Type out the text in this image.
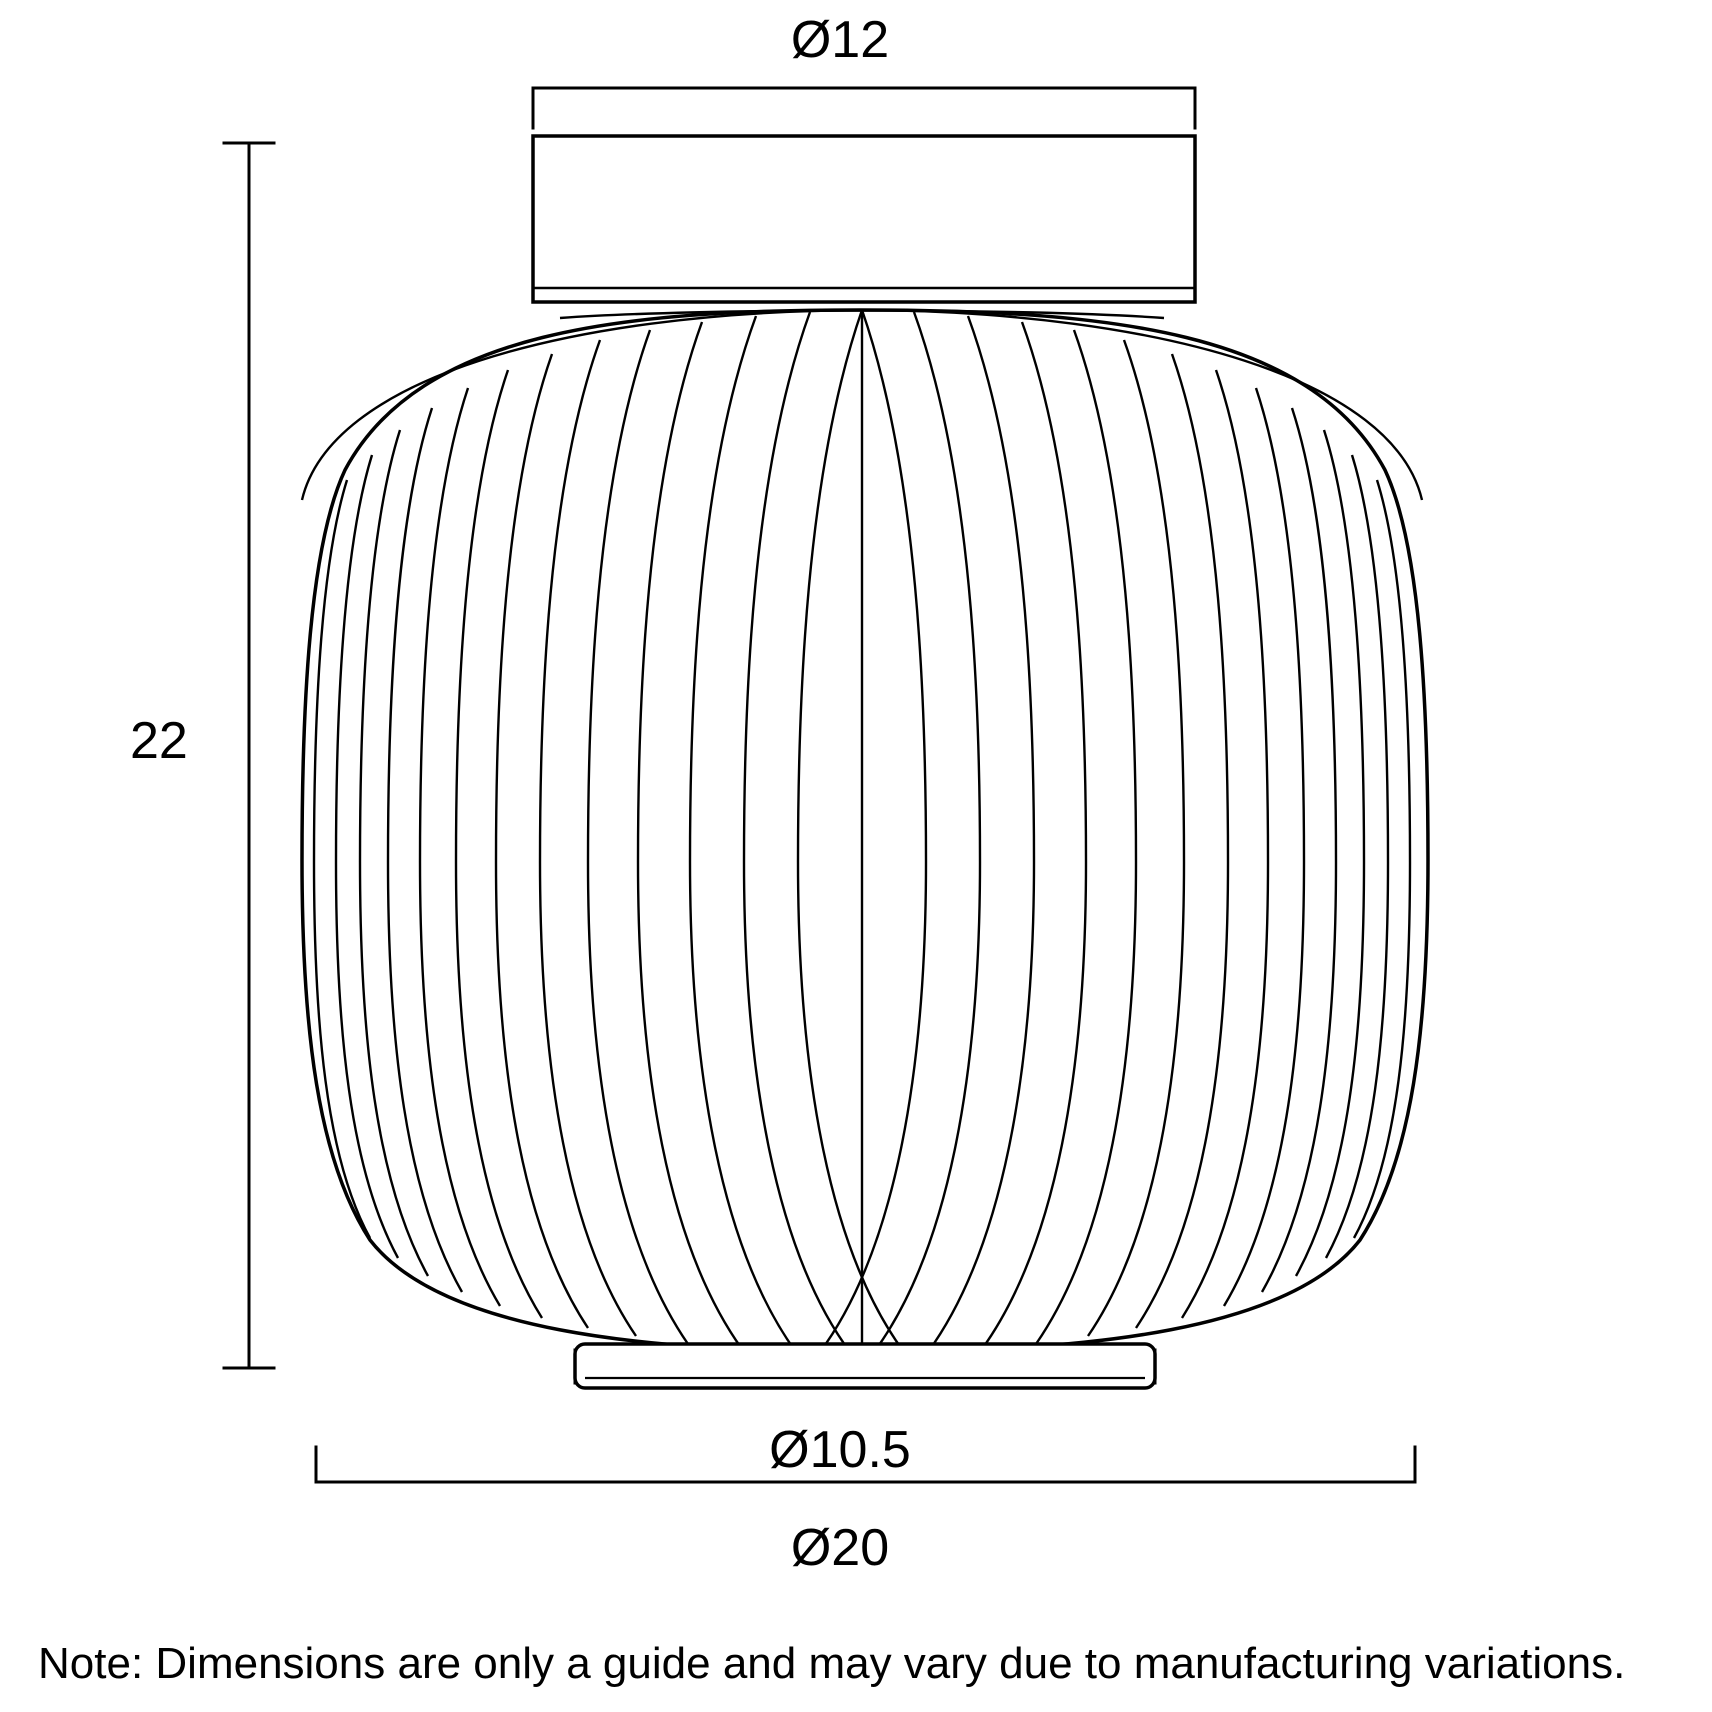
Ø12
22
Ø10.5
Ø20
Note: Dimensions are only a guide and may vary due to manufacturing variations.
